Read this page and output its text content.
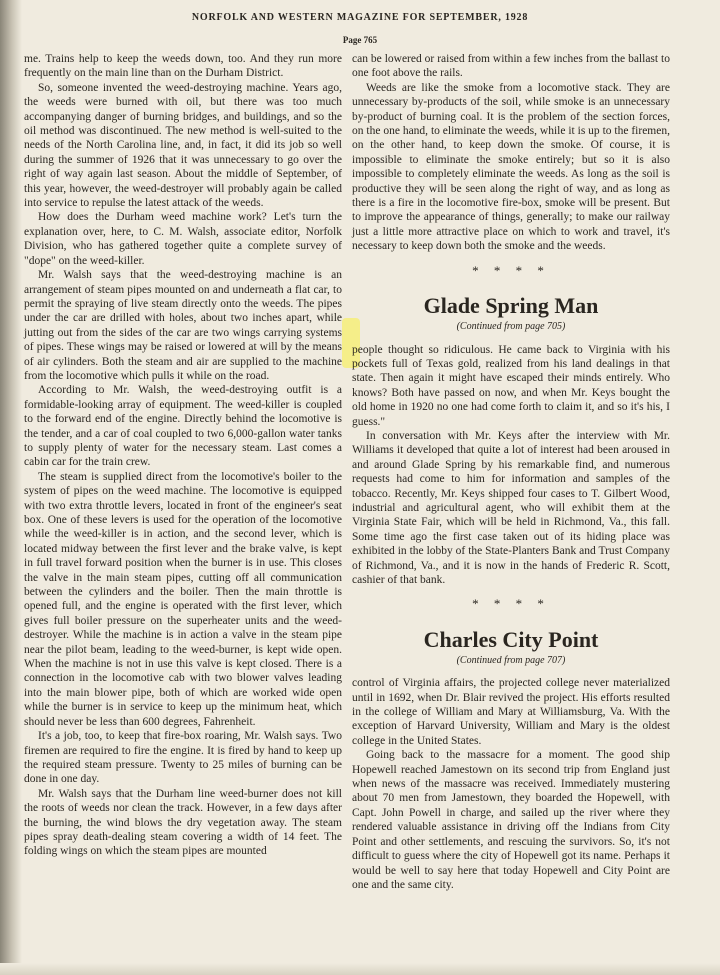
NORFOLK AND WESTERN MAGAZINE FOR SEPTEMBER, 1928
Page 765

me. Trains help to keep the weeds down, too. And they run more frequently on the main line than on the Durham District.

So, someone invented the weed-destroying machine. Years ago, the weeds were burned with oil, but there was too much accompanying danger of burning bridges, and buildings, and so the oil method was discontinued. The new method is well-suited to the needs of the North Carolina line, and, in fact, it did its job so well during the summer of 1926 that it was unnecessary to go over the right of way again last season. About the middle of September, of this year, however, the weed-destroyer will probably again be called into service to repulse the latest attack of the weeds.

How does the Durham weed machine work? Let's turn the explanation over, here, to C. M. Walsh, associate editor, Norfolk Division, who has gathered together quite a complete survey of "dope" on the weed-killer.

Mr. Walsh says that the weed-destroying machine is an arrangement of steam pipes mounted on and underneath a flat car, to permit the spraying of live steam directly onto the weeds. The pipes under the car are drilled with holes, about two inches apart, while jutting out from the sides of the car are two wings carrying systems of pipes. These wings may be raised or lowered at will by the means of air cylinders. Both the steam and air are supplied to the machine from the locomotive which pulls it while on the road.

According to Mr. Walsh, the weed-destroying outfit is a formidable-looking array of equipment. The weed-killer is coupled to the forward end of the engine. Directly behind the locomotive is the tender, and a car of coal coupled to two 6,000-gallon water tanks to supply plenty of water for the necessary steam. Last comes a cabin car for the train crew.

The steam is supplied direct from the locomotive's boiler to the system of pipes on the weed machine. The locomotive is equipped with two extra throttle levers, located in front of the engineer's seat box. One of these levers is used for the operation of the locomotive while the weed-killer is in action, and the second lever, which is located midway between the first lever and the brake valve, is kept in full travel forward position when the burner is in use. This closes the valve in the main steam pipes, cutting off all communication between the cylinders and the boiler. Then the main throttle is opened full, and the engine is operated with the first lever, which gives full boiler pressure on the superheater units and the weed-destroyer. While the machine is in action a valve in the steam pipe near the pilot beam, leading to the weed-burner, is kept wide open. When the machine is not in use this valve is kept closed. There is a connection in the locomotive cab with two blower valves leading into the main blower pipe, both of which are worked wide open while the burner is in service to keep up the minimum heat, which should never be less than 600 degrees, Fahrenheit.

It's a job, too, to keep that fire-box roaring, Mr. Walsh says. Two firemen are required to fire the engine. It is fired by hand to keep up the required steam pressure. Twenty to 25 miles of burning can be done in one day.

Mr. Walsh says that the Durham line weed-burner does not kill the roots of weeds nor clean the track. However, in a few days after the burning, the wind blows the dry vegetation away. The steam pipes spray death-dealing steam covering a width of 14 feet. The folding wings on which the steam pipes are mounted

can be lowered or raised from within a few inches from the ballast to one foot above the rails.

Weeds are like the smoke from a locomotive stack. They are unnecessary by-products of the soil, while smoke is an unnecessary by-product of burning coal. It is the problem of the section forces, on the one hand, to eliminate the weeds, while it is up to the firemen, on the other hand, to keep down the smoke. Of course, it is impossible to eliminate the smoke entirely; but so it is also impossible to completely eliminate the weeds. As long as the soil is productive they will be seen along the right of way, and as long as there is a fire in the locomotive fire-box, smoke will be present. But to improve the appearance of things, generally; to make our railway just a little more attractive place on which to work and travel, it's necessary to keep down both the smoke and the weeds.

* * * *
Glade Spring Man
(Continued from page 705)

people thought so ridiculous. He came back to Virginia with his pockets full of Texas gold, realized from his land dealings in that state. Then again it might have escaped their minds entirely. Who knows? Both have passed on now, and when Mr. Keys bought the old home in 1920 no one had come forth to claim it, and so it's his, I guess."

In conversation with Mr. Keys after the interview with Mr. Williams it developed that quite a lot of interest had been aroused in and around Glade Spring by his remarkable find, and numerous requests had come to him for information and samples of the tobacco. Recently, Mr. Keys shipped four cases to T. Gilbert Wood, industrial and agricultural agent, who will exhibit them at the Virginia State Fair, which will be held in Richmond, Va., this fall. Some time ago the first case taken out of its hiding place was exhibited in the lobby of the State-Planters Bank and Trust Company of Richmond, Va., and it is now in the hands of Frederic R. Scott, cashier of that bank.

* * * *
Charles City Point
(Continued from page 707)

control of Virginia affairs, the projected college never materialized until in 1692, when Dr. Blair revived the project. His efforts resulted in the college of William and Mary at Williamsburg, Va. With the exception of Harvard University, William and Mary is the oldest college in the United States.

Going back to the massacre for a moment. The good ship Hopewell reached Jamestown on its second trip from England just when news of the massacre was received. Immediately mustering about 70 men from Jamestown, they boarded the Hopewell, with Capt. John Powell in charge, and sailed up the river where they rendered valuable assistance in driving off the Indians from City Point and other settlements, and rescuing the survivors. So, it's not difficult to guess where the city of Hopewell got its name. Perhaps it would be well to say here that today Hopewell and City Point are one and the same city.
